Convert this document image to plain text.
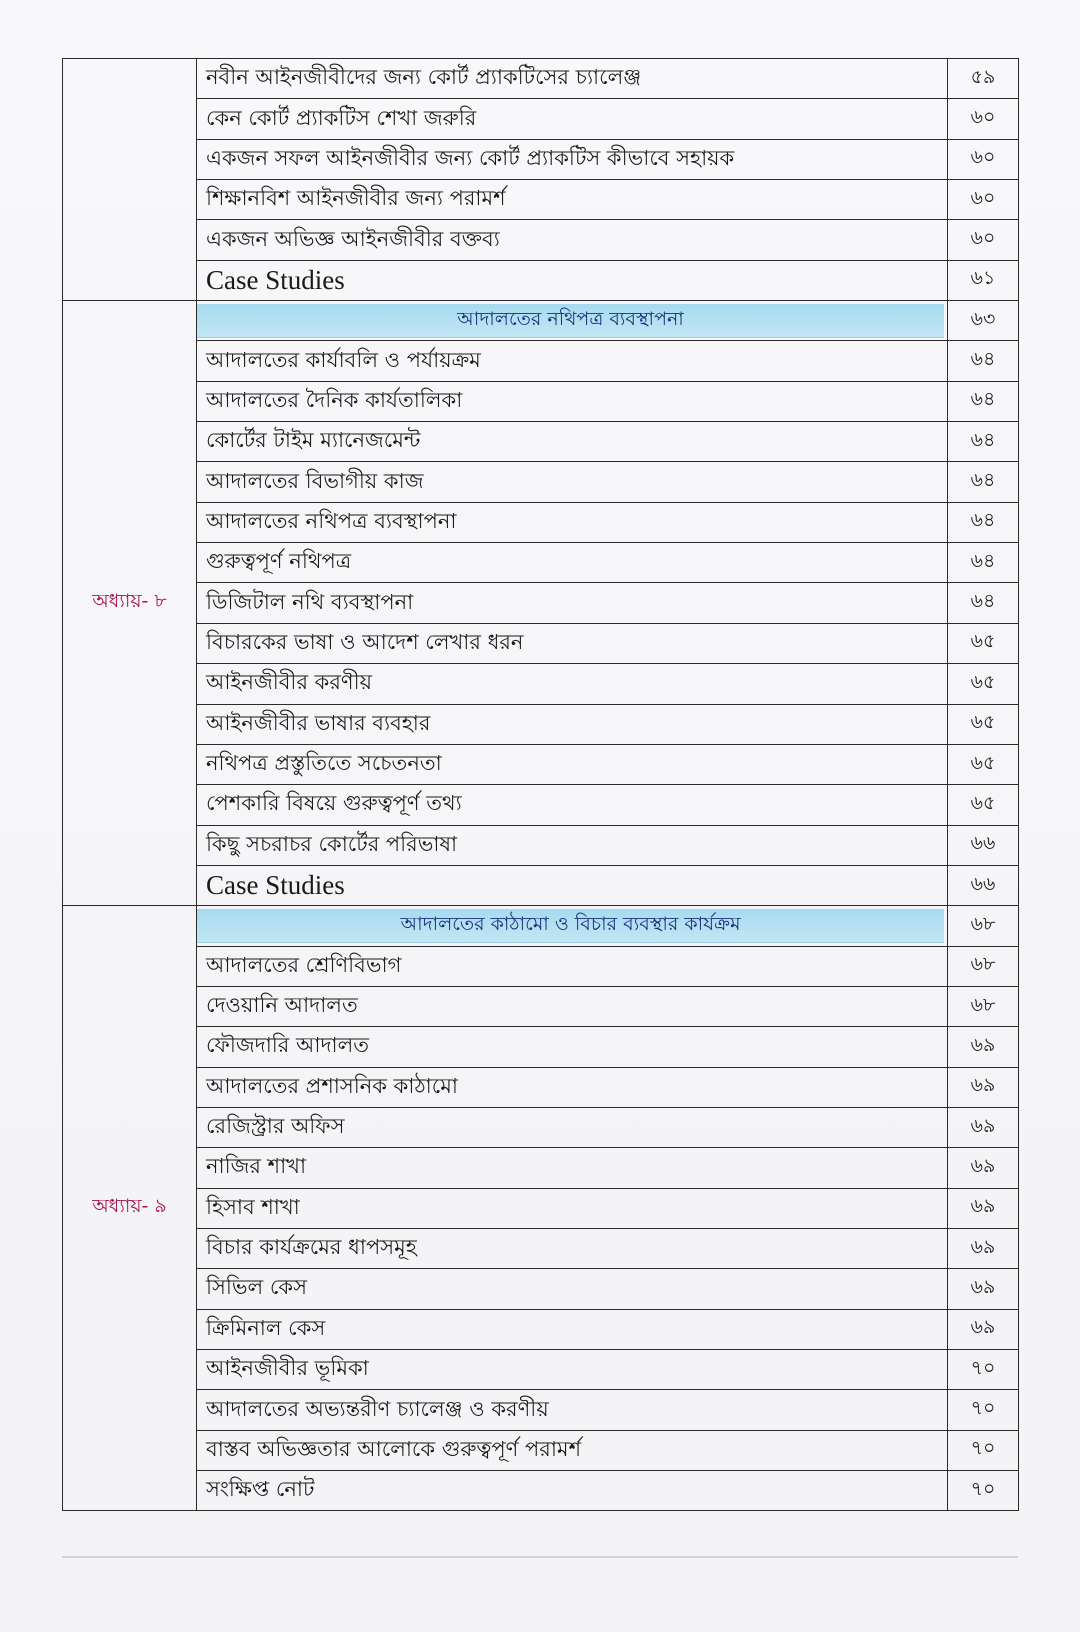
	নবীন আইনজীবীদের জন্য কোর্ট প্র্যাকটিসের চ্যালেঞ্জ	৫৯
	কেন কোর্ট প্র্যাকটিস শেখা জরুরি	৬০
	একজন সফল আইনজীবীর জন্য কোর্ট প্র্যাকটিস কীভাবে সহায়ক	৬০
	শিক্ষানবিশ আইনজীবীর জন্য পরামর্শ	৬০
	একজন অভিজ্ঞ আইনজীবীর বক্তব্য	৬০
	Case Studies	৬১
অধ্যায়- ৮	আদালতের নথিপত্র ব্যবস্থাপনা	৬৩
	আদালতের কার্যাবলি ও পর্যায়ক্রম	৬৪
	আদালতের দৈনিক কার্যতালিকা	৬৪
	কোর্টের টাইম ম্যানেজমেন্ট	৬৪
	আদালতের বিভাগীয় কাজ	৬৪
	আদালতের নথিপত্র ব্যবস্থাপনা	৬৪
	গুরুত্বপূর্ণ নথিপত্র	৬৪
	ডিজিটাল নথি ব্যবস্থাপনা	৬৪
	বিচারকের ভাষা ও আদেশ লেখার ধরন	৬৫
	আইনজীবীর করণীয়	৬৫
	আইনজীবীর ভাষার ব্যবহার	৬৫
	নথিপত্র প্রস্তুতিতে সচেতনতা	৬৫
	পেশকারি বিষয়ে গুরুত্বপূর্ণ তথ্য	৬৫
	কিছু সচরাচর কোর্টের পরিভাষা	৬৬
	Case Studies	৬৬
অধ্যায়- ৯	আদালতের কাঠামো ও বিচার ব্যবস্থার কার্যক্রম	৬৮
	আদালতের শ্রেণিবিভাগ	৬৮
	দেওয়ানি আদালত	৬৮
	ফৌজদারি আদালত	৬৯
	আদালতের প্রশাসনিক কাঠামো	৬৯
	রেজিস্ট্রার অফিস	৬৯
	নাজির শাখা	৬৯
	হিসাব শাখা	৬৯
	বিচার কার্যক্রমের ধাপসমূহ	৬৯
	সিভিল কেস	৬৯
	ক্রিমিনাল কেস	৬৯
	আইনজীবীর ভূমিকা	৭০
	আদালতের অভ্যন্তরীণ চ্যালেঞ্জ ও করণীয়	৭০
	বাস্তব অভিজ্ঞতার আলোকে গুরুত্বপূর্ণ পরামর্শ	৭০
	সংক্ষিপ্ত নোট	৭০
